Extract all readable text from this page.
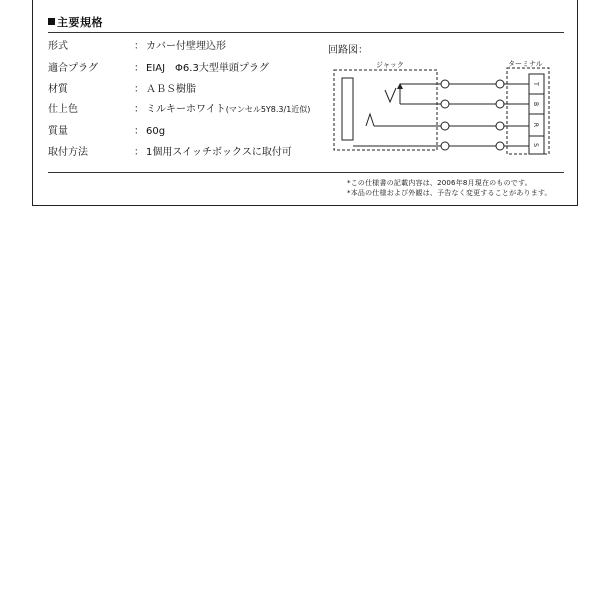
主要規格
形式	： カバー付壁埋込形
適合プラグ	： EIAJ　Φ6.3大型単頭プラグ
材質	： ＡＢＳ樹脂
仕上色	： ミルキーホワイト(マンセル5Y8.3/1近似)
質量	： 60g
取付方法	： 1個用スイッチボックスに取付可
回路図：
ジャック	ターミナル
T
B
R
S
*この仕様書の記載内容は、2006年8月現在のものです。
*本品の仕様および外観は、予告なく変更することがあります。
